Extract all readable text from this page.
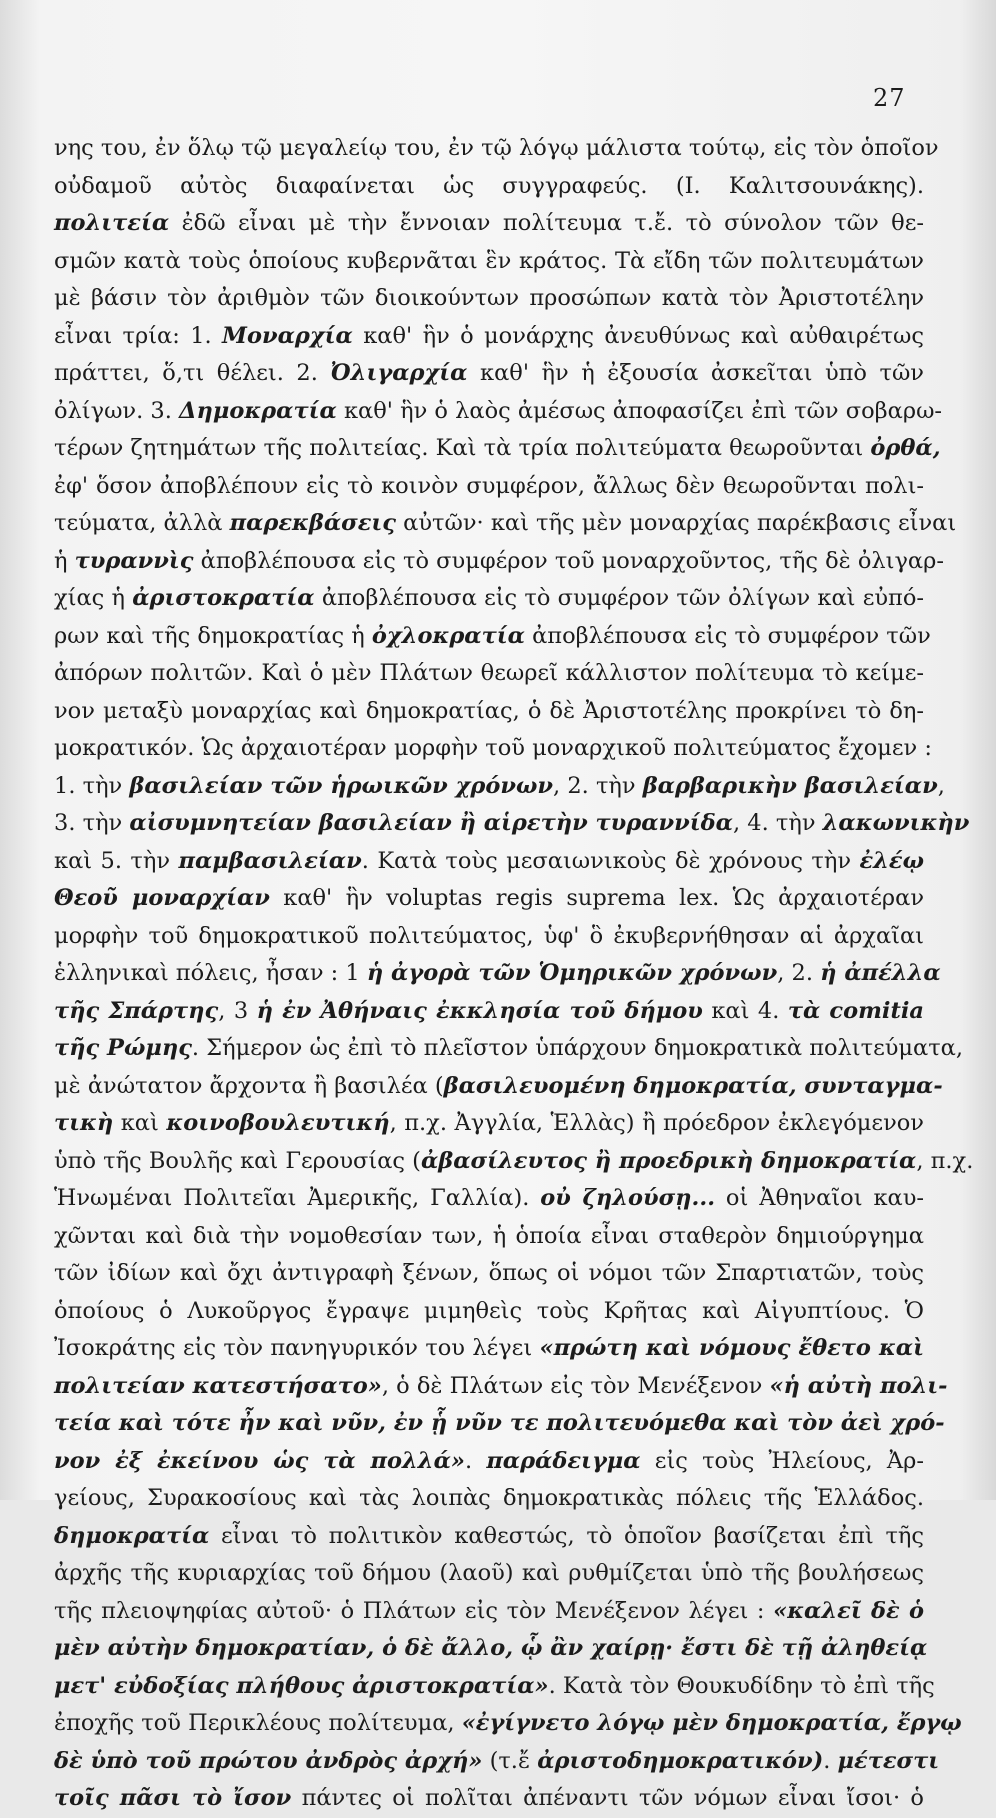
27
νης του, ἐν ὅλῳ τῷ μεγαλείῳ του, ἐν τῷ λόγῳ μάλιστα τούτῳ, εἰς τὸν ὁποῖον
οὐδαμοῦ αὐτὸς διαφαίνεται ὡς συγγραφεύς. (Ι. Καλιτσουνάκης).
πολιτεία ἐδῶ εἶναι μὲ τὴν ἔννοιαν πολίτευμα τ.ἔ. τὸ σύνολον τῶν θε-
σμῶν κατὰ τοὺς ὁποίους κυβερνᾶται ἓν κράτος. Τὰ εἴδη τῶν πολιτευμάτων
μὲ βάσιν τὸν ἀριθμὸν τῶν διοικούντων προσώπων κατὰ τὸν Ἀριστοτέλην
εἶναι τρία: 1. Μοναρχία καθ' ἣν ὁ μονάρχης ἀνευθύνως καὶ αὐθαιρέτως
πράττει, ὅ,τι θέλει. 2. Ὀλιγαρχία καθ' ἣν ἡ ἐξουσία ἀσκεῖται ὑπὸ τῶν
ὀλίγων. 3. Δημοκρατία καθ' ἣν ὁ λαὸς ἀμέσως ἀποφασίζει ἐπὶ τῶν σοβαρω-
τέρων ζητημάτων τῆς πολιτείας. Καὶ τὰ τρία πολιτεύματα θεωροῦνται ὀρθά,
ἐφ' ὅσον ἀποβλέπουν εἰς τὸ κοινὸν συμφέρον, ἄλλως δὲν θεωροῦνται πολι-
τεύματα, ἀλλὰ παρεκβάσεις αὐτῶν· καὶ τῆς μὲν μοναρχίας παρέκβασις εἶναι
ἡ τυραννὶς ἀποβλέπουσα εἰς τὸ συμφέρον τοῦ μοναρχοῦντος, τῆς δὲ ὀλιγαρ-
χίας ἡ ἀριστοκρατία ἀποβλέπουσα εἰς τὸ συμφέρον τῶν ὀλίγων καὶ εὐπό-
ρων καὶ τῆς δημοκρατίας ἡ ὀχλοκρατία ἀποβλέπουσα εἰς τὸ συμφέρον τῶν
ἀπόρων πολιτῶν. Καὶ ὁ μὲν Πλάτων θεωρεῖ κάλλιστον πολίτευμα τὸ κείμε-
νον μεταξὺ μοναρχίας καὶ δημοκρατίας, ὁ δὲ Ἀριστοτέλης προκρίνει τὸ δη-
μοκρατικόν. Ὡς ἀρχαιοτέραν μορφὴν τοῦ μοναρχικοῦ πολιτεύματος ἔχομεν :
1. τὴν βασιλείαν τῶν ἡρωικῶν χρόνων, 2. τὴν βαρβαρικὴν βασιλείαν,
3. τὴν αἰσυμνητείαν βασιλείαν ἢ αἱρετὴν τυραννίδα, 4. τὴν λακωνικὴν
καὶ 5. τὴν παμβασιλείαν. Κατὰ τοὺς μεσαιωνικοὺς δὲ χρόνους τὴν ἐλέῳ
Θεοῦ μοναρχίαν καθ' ἣν voluptas regis suprema lex. Ὡς ἀρχαιοτέραν
μορφὴν τοῦ δημοκρατικοῦ πολιτεύματος, ὑφ' ὃ ἐκυβερνήθησαν αἱ ἀρχαῖαι
ἑλληνικαὶ πόλεις, ἦσαν : 1 ἡ ἀγορὰ τῶν Ὁμηρικῶν χρόνων, 2. ἡ ἀπέλλα
τῆς Σπάρτης, 3 ἡ ἐν Ἀθήναις ἐκκλησία τοῦ δήμου καὶ 4. τὰ comitia
τῆς Ρώμης. Σήμερον ὡς ἐπὶ τὸ πλεῖστον ὑπάρχουν δημοκρατικὰ πολιτεύματα,
μὲ ἀνώτατον ἄρχοντα ἢ βασιλέα (βασιλευομένη δημοκρατία, συνταγμα-
τικὴ καὶ κοινοβουλευτική, π.χ. Ἀγγλία, Ἑλλὰς) ἢ πρόεδρον ἐκλεγόμενον
ὑπὸ τῆς Βουλῆς καὶ Γερουσίας (ἀβασίλευτος ἢ προεδρικὴ δημοκρατία, π.χ.
Ἡνωμέναι Πολιτεῖαι Ἀμερικῆς, Γαλλία). οὐ ζηλούσῃ... οἱ Ἀθηναῖοι καυ-
χῶνται καὶ διὰ τὴν νομοθεσίαν των, ἡ ὁποία εἶναι σταθερὸν δημιούργημα
τῶν ἰδίων καὶ ὄχι ἀντιγραφὴ ξένων, ὅπως οἱ νόμοι τῶν Σπαρτιατῶν, τοὺς
ὁποίους ὁ Λυκοῦργος ἔγραψε μιμηθεὶς τοὺς Κρῆτας καὶ Αἰγυπτίους. Ὁ
Ἰσοκράτης εἰς τὸν πανηγυρικόν του λέγει «πρώτη καὶ νόμους ἔθετο καὶ
πολιτείαν κατεστήσατο», ὁ δὲ Πλάτων εἰς τὸν Μενέξενον «ἡ αὐτὴ πολι-
τεία καὶ τότε ἦν καὶ νῦν, ἐν ᾗ νῦν τε πολιτευόμεθα καὶ τὸν ἀεὶ χρό-
νον ἐξ ἐκείνου ὡς τὰ πολλά». παράδειγμα εἰς τοὺς Ἠλείους, Ἀρ-
γείους, Συρακοσίους καὶ τὰς λοιπὰς δημοκρατικὰς πόλεις τῆς Ἑλλάδος.
δημοκρατία εἶναι τὸ πολιτικὸν καθεστώς, τὸ ὁποῖον βασίζεται ἐπὶ τῆς
ἀρχῆς τῆς κυριαρχίας τοῦ δήμου (λαοῦ) καὶ ρυθμίζεται ὑπὸ τῆς βουλήσεως
τῆς πλειοψηφίας αὐτοῦ· ὁ Πλάτων εἰς τὸν Μενέξενον λέγει : «καλεῖ δὲ ὁ
μὲν αὐτὴν δημοκρατίαν, ὁ δὲ ἄλλο, ᾧ ἂν χαίρῃ· ἔστι δὲ τῇ ἀληθείᾳ
μετ' εὐδοξίας πλήθους ἀριστοκρατία». Κατὰ τὸν Θουκυδίδην τὸ ἐπὶ τῆς
ἐποχῆς τοῦ Περικλέους πολίτευμα, «ἐγίγνετο λόγῳ μὲν δημοκρατία, ἔργῳ
δὲ ὑπὸ τοῦ πρώτου ἀνδρὸς ἀρχή» (τ.ἔ ἀριστοδημοκρατικόν). μέτεστι
τοῖς πᾶσι τὸ ἴσον πάντες οἱ πολῖται ἀπέναντι τῶν νόμων εἶναι ἴσοι· ὁ
